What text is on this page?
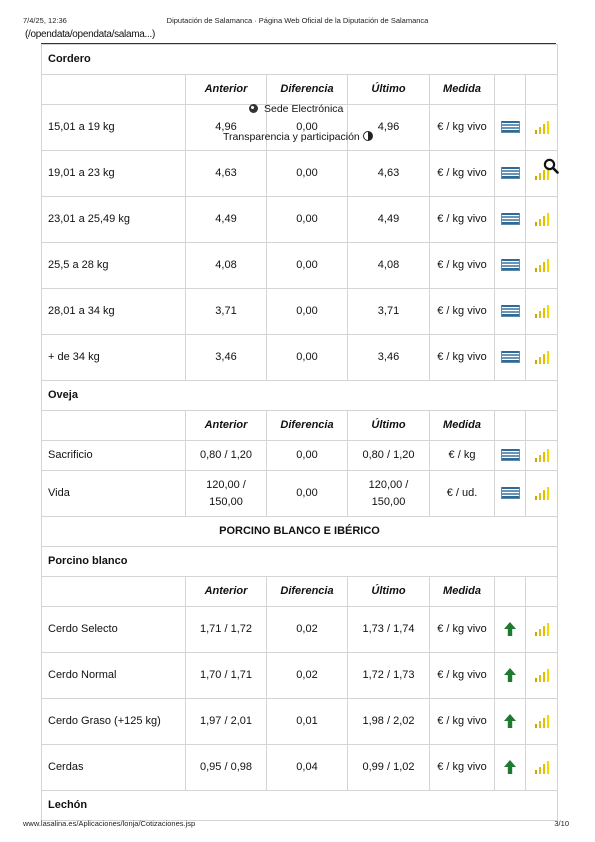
7/4/25, 12:36	Diputación de Salamanca · Página Web Oficial de la Diputación de Salamanca
(/opendata/opendata/salama...)
Cordero						
	Anterior	Diferencia	Último	Medida		
15,01 a 19 kg	4,96	0,00	4,96	€ / kg vivo	

19,01 a 23 kg	4,63	0,00	4,63	€ / kg vivo	

23,01 a 25,49 kg	4,49	0,00	4,49	€ / kg vivo	

25,5 a 28 kg	4,08	0,00	4,08	€ / kg vivo	

28,01 a 34 kg	3,71	0,00	3,71	€ / kg vivo	

+ de 34 kg	3,46	0,00	3,46	€ / kg vivo	

Oveja						
	Anterior	Diferencia	Último	Medida		
Sacrificio	0,80 / 1,20	0,00	0,80 / 1,20	€ / kg	

Vida	120,00 / 150,00	0,00	120,00 / 150,00	€ / ud.	

PORCINO BLANCO E IBÉRICO						
Porcino blanco						
	Anterior	Diferencia	Último	Medida		
Cerdo Selecto	1,71 / 1,72	0,02	1,73 / 1,74	€ / kg vivo		

Cerdo Normal	1,70 / 1,71	0,02	1,72 / 1,73	€ / kg vivo		

Cerdo Graso (+125 kg)	1,97 / 2,01	0,01	1,98 / 2,02	€ / kg vivo		

Cerdas	0,95 / 0,98	0,04	0,99 / 1,02	€ / kg vivo		

Lechón						
Sede Electrónica
Transparencia y participación
www.lasalina.es/Aplicaciones/lonja/Cotizaciones.jsp	3/10
